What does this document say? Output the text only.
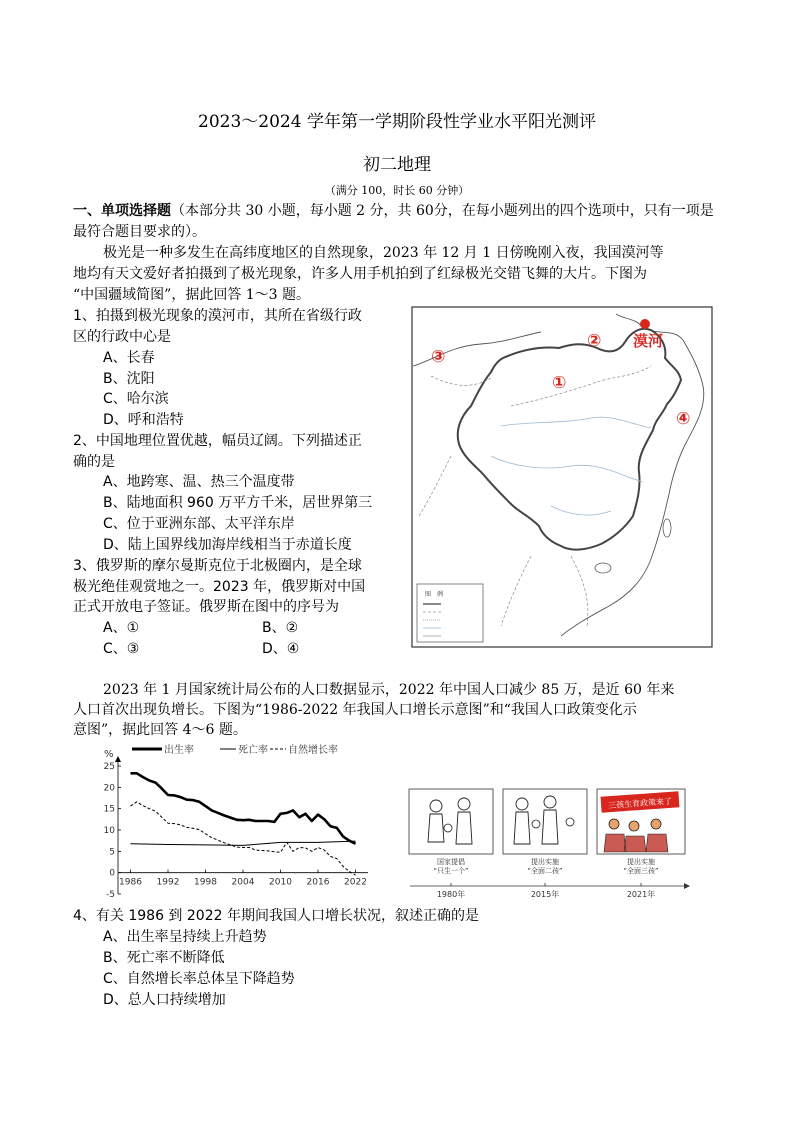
2023～2024 学年第一学期阶段性学业水平阳光测评
初二地理
（满分 100，时长 60 分钟）
一、单项选择题（本部分共 30 小题，每小题 2 分，共 60分，在每小题列出的四个选项中，只有一项是
最符合题目要求的）。
极光是一种多发生在高纬度地区的自然现象，2023 年 12 月 1 日傍晚刚入夜，我国漠河等
地均有天文爱好者拍摄到了极光现象，许多人用手机拍到了红绿极光交错飞舞的大片。下图为
“中国疆域简图”，据此回答 1～3 题。
1、拍摄到极光现象的漠河市，其所在省级行政
区的行政中心是
A、长春
B、沈阳
C、哈尔滨
D、呼和浩特
2、中国地理位置优越，幅员辽阔。下列描述正
确的是
A、地跨寒、温、热三个温度带
B、陆地面积 960 万平方千米，居世界第三
C、位于亚洲东部、太平洋东岸
D、陆上国界线加海岸线相当于赤道长度
3、俄罗斯的摩尔曼斯克位于北极圈内，是全球
极光绝佳观赏地之一。2023 年，俄罗斯对中国
正式开放电子签证。俄罗斯在图中的序号为
A、①	B、②
C、③	D、④
图　例
漠河
②
③
①
④
2023 年 1 月国家统计局公布的人口数据显示，2022 年中国人口减少 85 万，是近 60 年来
人口首次出现负增长。下图为“1986-2022 年我国人口增长示意图”和“我国人口政策变化示
意图”，据此回答 4～6 题。
%	出生率	死亡率 自然增长率
25
20
15
10
5
0
-5
1986 1992 1998 2004 2010 2016 2022
国家提倡
“只生一个”
提出实施
“全面二孩”
三孩生育政策来了
提出实施
“全面三孩”
1980年	2015年	2021年
4、有关 1986 到 2022 年期间我国人口增长状况，叙述正确的是
A、出生率呈持续上升趋势
B、死亡率不断降低
C、自然增长率总体呈下降趋势
D、总人口持续增加
